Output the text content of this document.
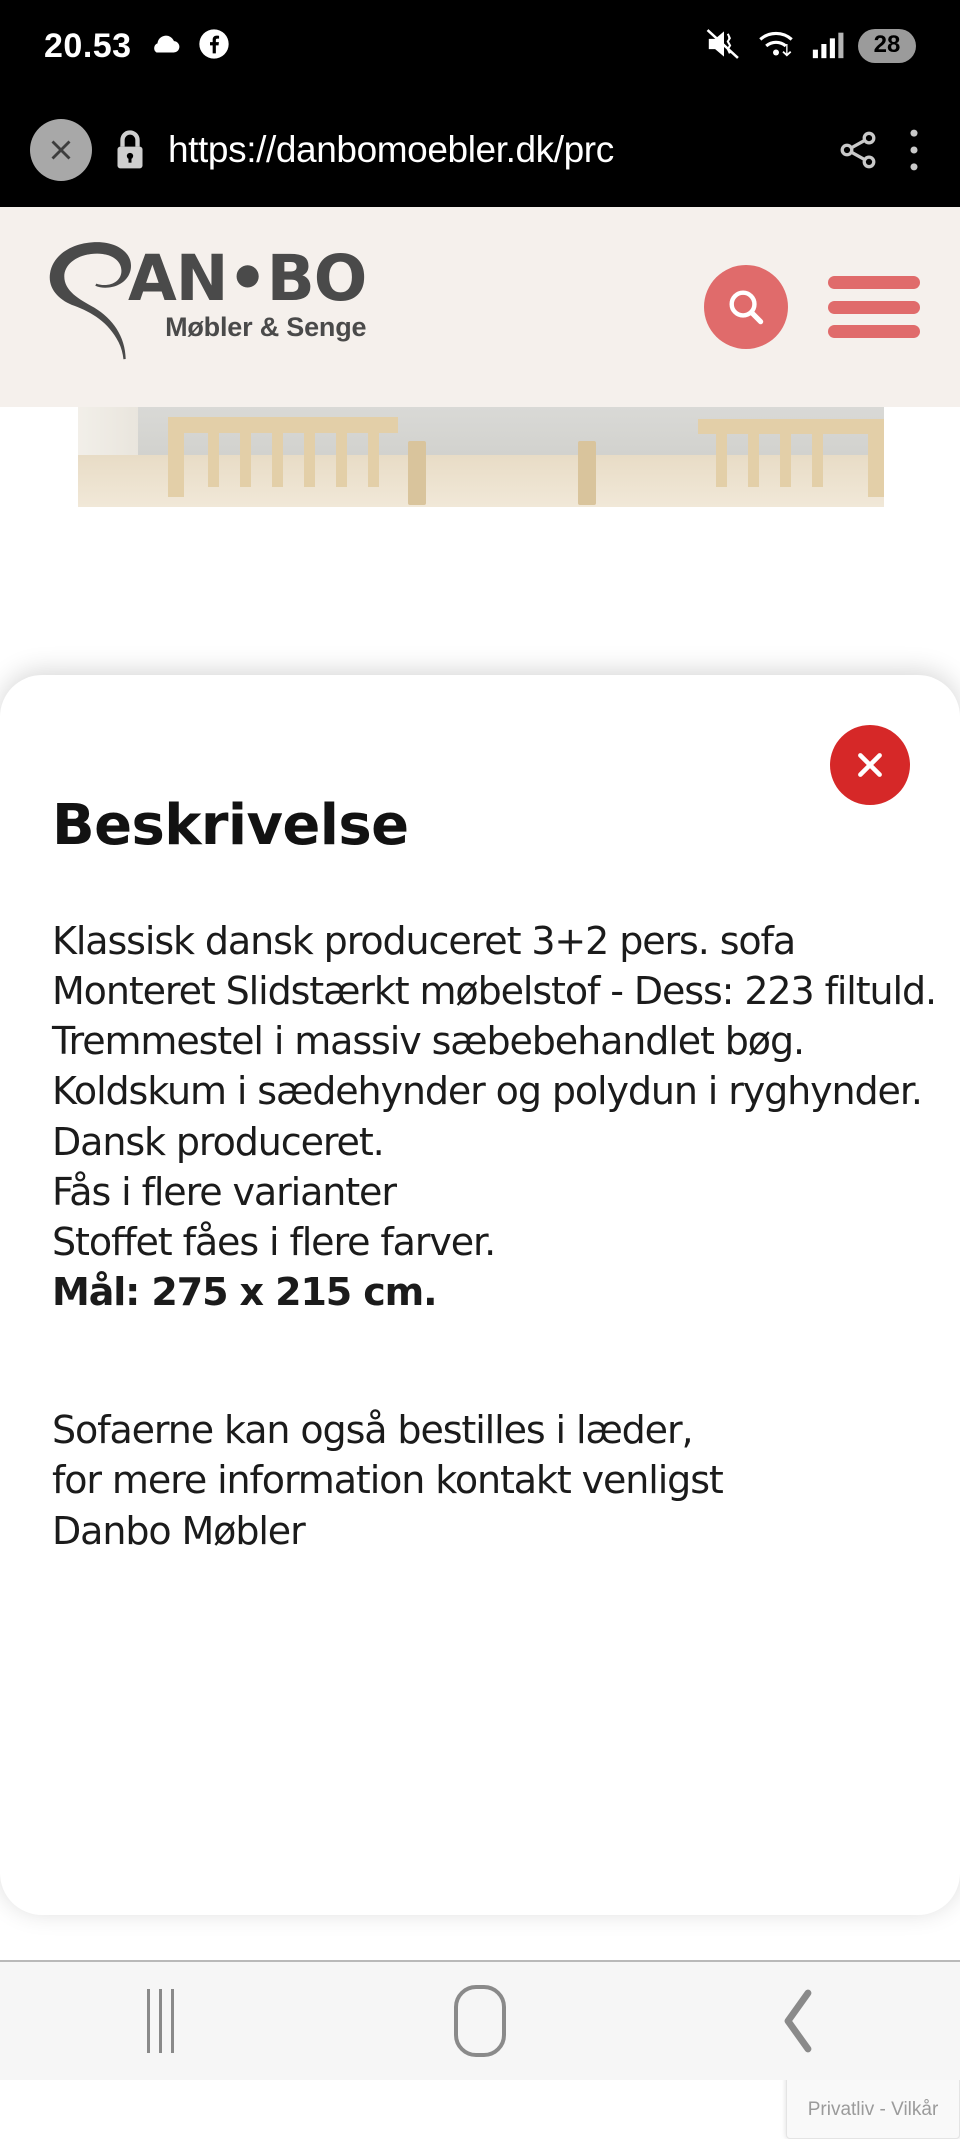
20.53	28
https://danbomoebler.dk/prc
AN•BO
Møbler & Senge
Beskrivelse
Klassisk dansk produceret 3+2 pers. sofa
Monteret Slidstærkt møbelstof - Dess: 223 filtuld.
Tremmestel i massiv sæbebehandlet bøg.
Koldskum i sædehynder og polydun i ryghynder.
Dansk produceret.
Fås i flere varianter
Stoffet fåes i flere farver.
Mål: 275 x 215 cm.
Sofaerne kan også bestilles i læder, for mere information kontakt venligst Danbo Møbler
Privatliv - Vilkår
